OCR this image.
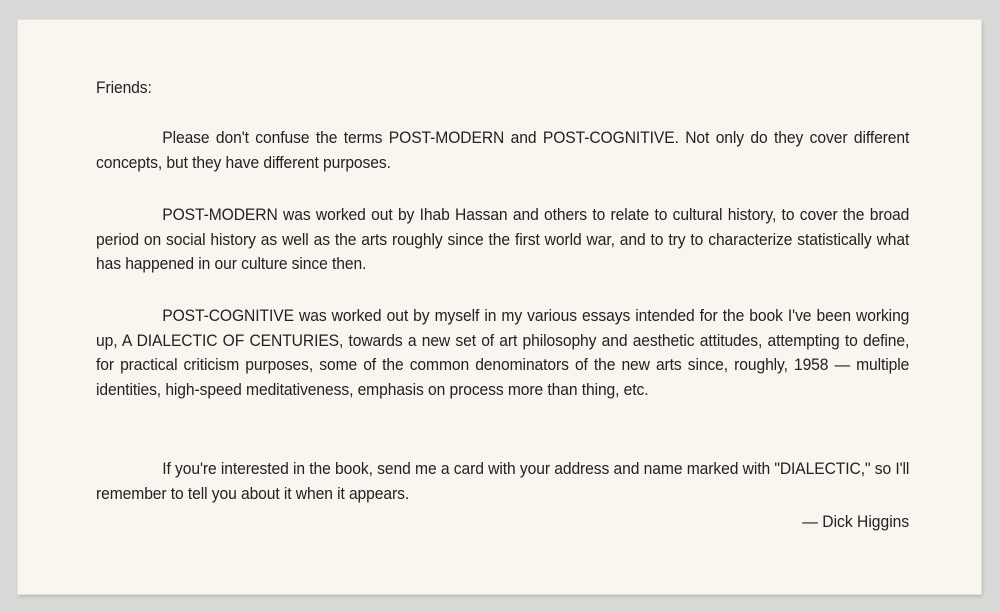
Friends:

Please don't confuse the terms POST-MODERN and POST-COGNITIVE. Not only do they cover different concepts, but they have different purposes.

POST-MODERN was worked out by Ihab Hassan and others to relate to cultural history, to cover the broad period on social history as well as the arts roughly since the first world war, and to try to characterize statistically what has happened in our culture since then.

POST-COGNITIVE was worked out by myself in my various essays intended for the book I've been working up, A DIALECTIC OF CENTURIES, towards a new set of art philosophy and aesthetic attitudes, attempting to define, for practical criticism purposes, some of the common denominators of the new arts since, roughly, 1958 — multiple identities, high-speed meditativeness, emphasis on process more than thing, etc.

If you're interested in the book, send me a card with your address and name marked with "DIALECTIC," so I'll remember to tell you about it when it appears.

— Dick Higgins
